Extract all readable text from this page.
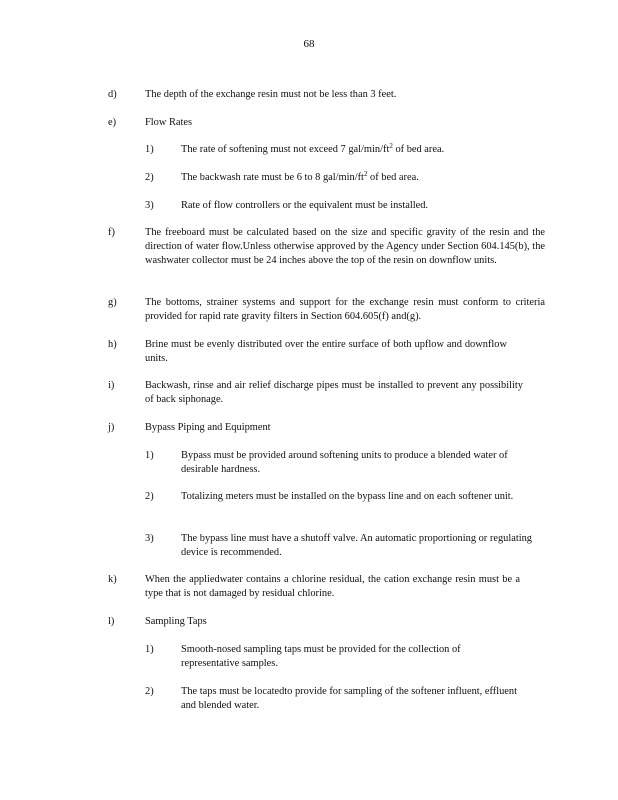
68
d)	The depth of the exchange resin must not be less than 3 feet.
e)	Flow Rates
1)	The rate of softening must not exceed 7 gal/$\min/ft^2$ of bed area.
2)	The backwash rate must be 6 to 8 gal/$\min/ft^2$ of bed area.
3)	Rate of flow controllers or the equivalent must be installed.
f)	The freeboard must be calculated based on the size and specific gravity of the resin and the direction of water flow.Unless otherwise approved by the Agency under Section 604.145(b), the washwater collector must be 24 inches above the top of the resin on downflow units.
g)	The bottoms, strainer systems and support for the exchange resin must conform to criteria provided for rapid rate gravity filters in Section 604.605(f) and(g).
h)	Brine must be evenly distributed over the entire surface of both upflow and downflow units.
i)	Backwash, rinse and air relief discharge pipes must be installed to prevent any possibility of back siphonage.
j)	Bypass Piping and Equipment
1)	Bypass must be provided around softening units to produce a blended water of desirable hardness.
2)	Totalizing meters must be installed on the bypass line and on each softener unit.
3)	The bypass line must have a shutoff valve. An automatic proportioning or regulating device is recommended.
k)	When the appliedwater contains a chlorine residual, the cation exchange resin must be a type that is not damaged by residual chlorine.
l)	Sampling Taps
1)	Smooth-nosed sampling taps must be provided for the collection of representative samples.
2)	The taps must be locatedto provide for sampling of the softener influent, effluent and blended water.
